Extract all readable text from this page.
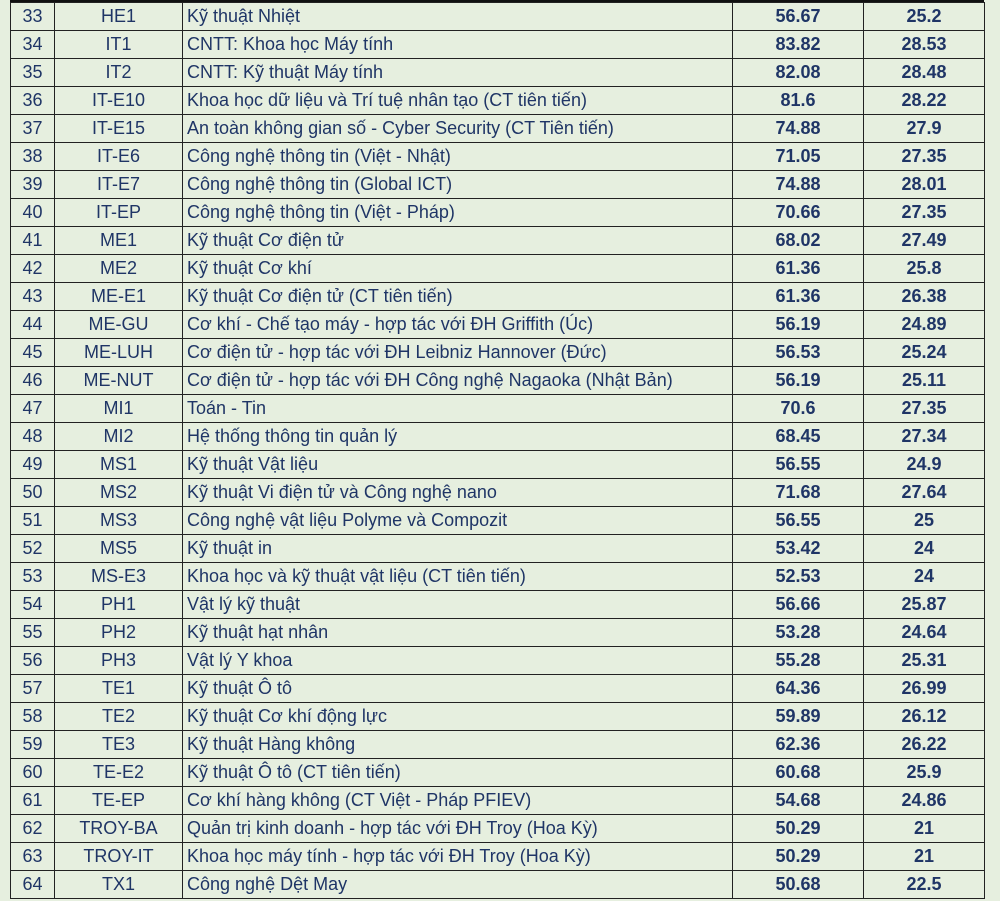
33	HE1	Kỹ thuật Nhiệt	56.67	25.2
34	IT1	CNTT: Khoa học Máy tính	83.82	28.53
35	IT2	CNTT: Kỹ thuật Máy tính	82.08	28.48
36	IT-E10	Khoa học dữ liệu và Trí tuệ nhân tạo (CT tiên tiến)	81.6	28.22
37	IT-E15	An toàn không gian số - Cyber Security (CT Tiên tiến)	74.88	27.9
38	IT-E6	Công nghệ thông tin (Việt - Nhật)	71.05	27.35
39	IT-E7	Công nghệ thông tin (Global ICT)	74.88	28.01
40	IT-EP	Công nghệ thông tin (Việt - Pháp)	70.66	27.35
41	ME1	Kỹ thuật Cơ điện tử	68.02	27.49
42	ME2	Kỹ thuật Cơ khí	61.36	25.8
43	ME-E1	Kỹ thuật Cơ điện tử (CT tiên tiến)	61.36	26.38
44	ME-GU	Cơ khí - Chế tạo máy - hợp tác với ĐH Griffith (Úc)	56.19	24.89
45	ME-LUH	Cơ điện tử - hợp tác với ĐH Leibniz Hannover (Đức)	56.53	25.24
46	ME-NUT	Cơ điện tử - hợp tác với ĐH Công nghệ Nagaoka (Nhật Bản)	56.19	25.11
47	MI1	Toán - Tin	70.6	27.35
48	MI2	Hệ thống thông tin quản lý	68.45	27.34
49	MS1	Kỹ thuật Vật liệu	56.55	24.9
50	MS2	Kỹ thuật Vi điện tử và Công nghệ nano	71.68	27.64
51	MS3	Công nghệ vật liệu Polyme và Compozit	56.55	25
52	MS5	Kỹ thuật in	53.42	24
53	MS-E3	Khoa học và kỹ thuật vật liệu (CT tiên tiến)	52.53	24
54	PH1	Vật lý kỹ thuật	56.66	25.87
55	PH2	Kỹ thuật hạt nhân	53.28	24.64
56	PH3	Vật lý Y khoa	55.28	25.31
57	TE1	Kỹ thuật Ô tô	64.36	26.99
58	TE2	Kỹ thuật Cơ khí động lực	59.89	26.12
59	TE3	Kỹ thuật Hàng không	62.36	26.22
60	TE-E2	Kỹ thuật Ô tô (CT tiên tiến)	60.68	25.9
61	TE-EP	Cơ khí hàng không (CT Việt - Pháp PFIEV)	54.68	24.86
62	TROY-BA	Quản trị kinh doanh - hợp tác với ĐH Troy (Hoa Kỳ)	50.29	21
63	TROY-IT	Khoa học máy tính - hợp tác với ĐH Troy (Hoa Kỳ)	50.29	21
64	TX1	Công nghệ Dệt May	50.68	22.5
